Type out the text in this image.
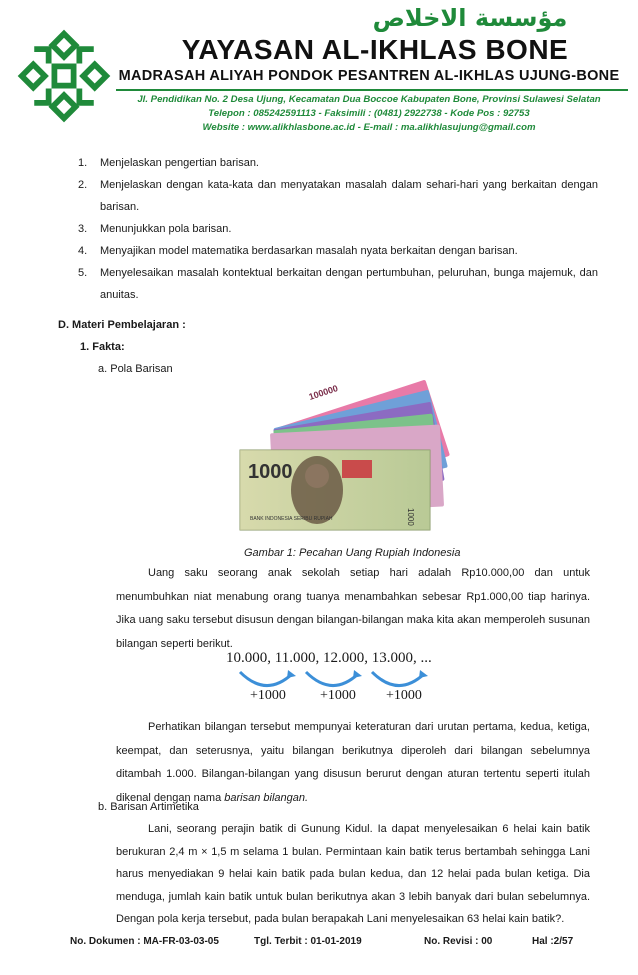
مؤسسة الاخلاص
YAYASAN AL-IKHLAS BONE
MADRASAH ALIYAH PONDOK PESANTREN AL-IKHLAS UJUNG-BONE
Jl. Pendidikan No. 2 Desa Ujung, Kecamatan Dua Boccoe Kabupaten Bone, Provinsi Sulawesi Selatan
Telepon : 085242591113 - Faksimili : (0481) 2922738 - Kode Pos : 92753
Website : www.alikhlasbone.ac.id - E-mail : ma.alikhlasujung@gmail.com
1.	Menjelaskan pengertian barisan.
2.	Menjelaskan dengan kata-kata dan menyatakan masalah dalam sehari-hari yang berkaitan dengan barisan.
3.	Menunjukkan pola barisan.
4.	Menyajikan model matematika berdasarkan masalah nyata berkaitan dengan barisan.
5.	Menyelesaikan masalah kontektual berkaitan dengan pertumbuhan, peluruhan, bunga majemuk, dan anuitas.
D. Materi Pembelajaran :
1. Fakta:
a. Pola Barisan
1000
BANK INDONESIA SERIBU RUPIAH	1000
100000
Gambar 1: Pecahan Uang Rupiah Indonesia
Uang saku seorang anak sekolah setiap hari adalah Rp10.000,00 dan untuk menumbuhkan niat menabung orang tuanya menambahkan sebesar Rp1.000,00 tiap harinya. Jika uang saku tersebut disusun dengan bilangan-bilangan maka kita akan memperoleh susunan bilangan seperti berikut.
10.000, 11.000, 12.000, 13.000, ...
+1000 +1000 +1000
Perhatikan bilangan tersebut mempunyai keteraturan dari urutan pertama, kedua, ketiga, keempat, dan seterusnya, yaitu bilangan berikutnya diperoleh dari bilangan sebelumnya ditambah 1.000. Bilangan-bilangan yang disusun berurut dengan aturan tertentu seperti itulah dikenal dengan nama barisan bilangan.
b. Barisan Artimetika
Lani, seorang perajin batik di Gunung Kidul. Ia dapat menyelesaikan 6 helai kain batik berukuran 2,4 m × 1,5 m selama 1 bulan. Permintaan kain batik terus bertambah sehingga Lani harus menyediakan 9 helai kain batik pada bulan kedua, dan 12 helai pada bulan ketiga. Dia menduga, jumlah kain batik untuk bulan berikutnya akan 3 lebih banyak dari bulan sebelumnya. Dengan pola kerja tersebut, pada bulan berapakah Lani menyelesaikan 63 helai kain batik?.
No. Dokumen : MA-FR-03-03-05	Tgl. Terbit : 01-01-2019	No. Revisi : 00	Hal :2/57
